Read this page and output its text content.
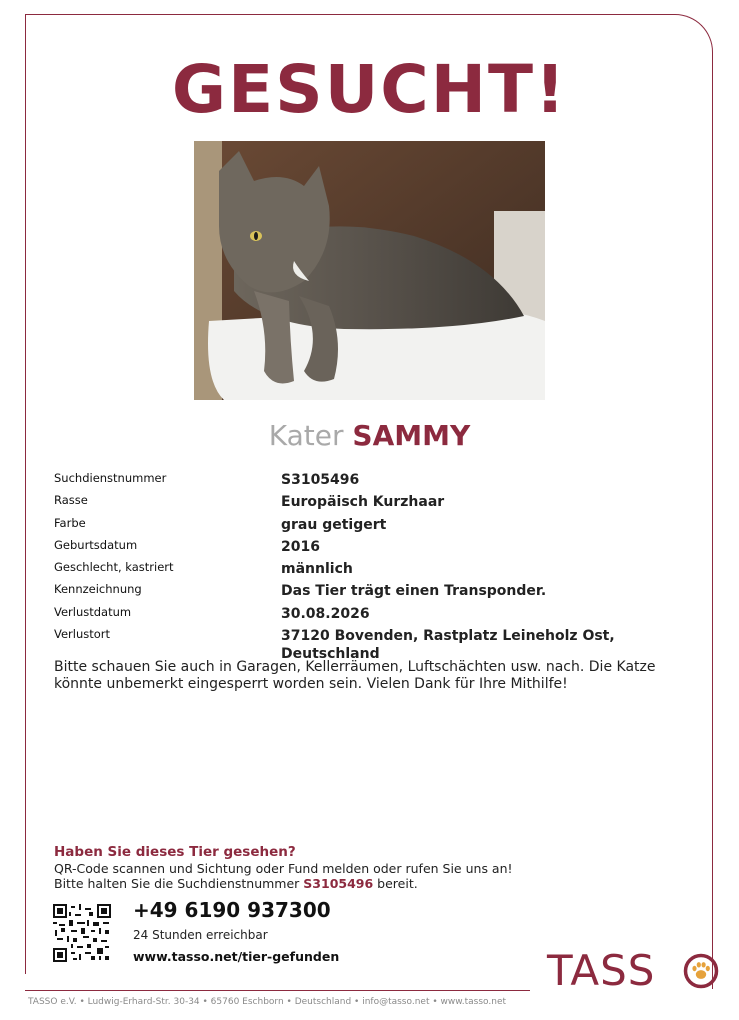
GESUCHT!
Kater SAMMY
Suchdienstnummer	S3105496
Rasse	Europäisch Kurzhaar
Farbe	grau getigert
Geburtsdatum	2016
Geschlecht, kastriert	männlich
Kennzeichnung	Das Tier trägt einen Transponder.
Verlustdatum	30.08.2026
Verlustort	37120 Bovenden, Rastplatz Leineholz Ost, Deutschland
Bitte schauen Sie auch in Garagen, Kellerräumen, Luftschächten usw. nach. Die Katze könnte unbemerkt eingesperrt worden sein. Vielen Dank für Ihre Mithilfe!
Haben Sie dieses Tier gesehen?
QR-Code scannen und Sichtung oder Fund melden oder rufen Sie uns an!
Bitte halten Sie die Suchdienstnummer S3105496 bereit.
+49 6190 937300
24 Stunden erreichbar
www.tasso.net/tier-gefunden	TASS
TASSO e.V. • Ludwig-Erhard-Str. 30-34 • 65760 Eschborn • Deutschland • info@tasso.net • www.tasso.net
